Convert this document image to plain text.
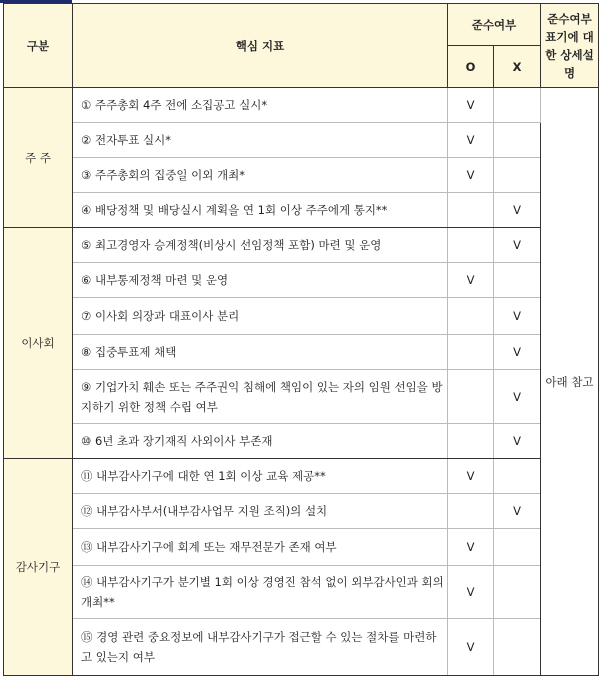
구분	핵심 지표	준수여부		준수여부 표기에 대한 상세설명
		O	X	
주 주	① 주주총회 4주 전에 소집공고 실시*	V		아래 참고
	② 전자투표 실시*	V		
	③ 주주총회의 집중일 이외 개최*	V		
	④ 배당정책 및 배당실시 계획을 연 1회 이상 주주에게 통지**		V	
이사회	⑤ 최고경영자 승계정책(비상시 선임정책 포함) 마련 및 운영		V	
	⑥ 내부통제정책 마련 및 운영	V		
	⑦ 이사회 의장과 대표이사 분리		V	
	⑧ 집중투표제 채택		V	
	⑨ 기업가치 훼손 또는 주주권익 침해에 책임이 있는 자의 임원 선임을 방지하기 위한 정책 수립 여부		V	
	⑩ 6년 초과 장기재직 사외이사 부존재		V	
감사기구	⑪ 내부감사기구에 대한 연 1회 이상 교육 제공**	V		
	⑫ 내부감사부서(내부감사업무 지원 조직)의 설치		V	
	⑬ 내부감사기구에 회계 또는 재무전문가 존재 여부	V		
	⑭ 내부감사기구가 분기별 1회 이상 경영진 참석 없이 외부감사인과 회의 개최**	V		
	⑮ 경영 관련 중요정보에 내부감사기구가 접근할 수 있는 절차를 마련하고 있는지 여부	V		
